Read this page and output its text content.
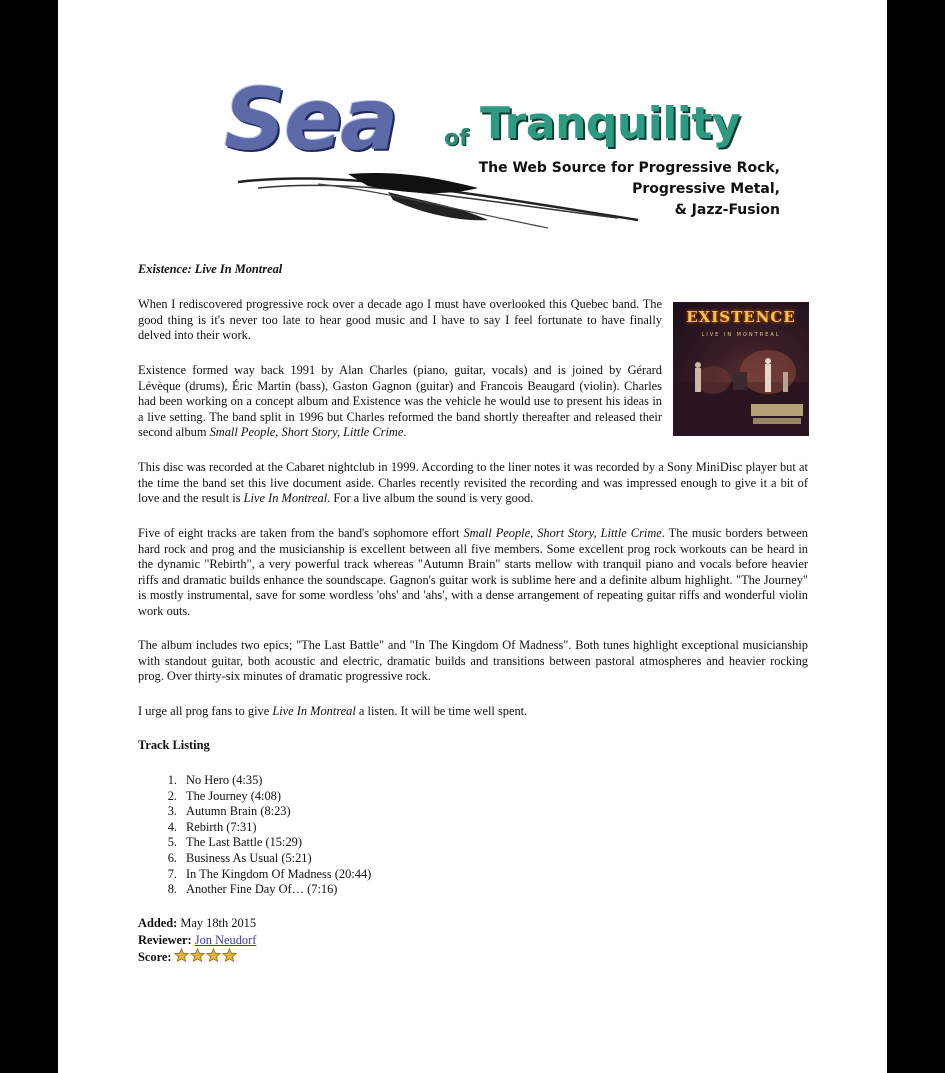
Sea of Tranquility
The Web Source for Progressive Rock,
Progressive Metal,
& Jazz-Fusion
Existence: Live In Montreal

When I rediscovered progressive rock over a decade ago I must have overlooked this Quebec band. The good thing is it's never too late to hear good music and I have to say I feel fortunate to have finally delved into their work.

Existence formed way back 1991 by Alan Charles (piano, guitar, vocals) and is joined by Gérard Lévèque (drums), Éric Martin (bass), Gaston Gagnon (guitar) and Francois Beaugard (violin). Charles had been working on a concept album and Existence was the vehicle he would use to present his ideas in a live setting. The band split in 1996 but Charles reformed the band shortly thereafter and released their second album Small People, Short Story, Little Crime.

EXISTENCE
LIVE IN MONTREAL

This disc was recorded at the Cabaret nightclub in 1999. According to the liner notes it was recorded by a Sony MiniDisc player but at the time the band set this live document aside. Charles recently revisited the recording and was impressed enough to give it a bit of love and the result is Live In Montreal. For a live album the sound is very good.

Five of eight tracks are taken from the band's sophomore effort Small People, Short Story, Little Crime. The music borders between hard rock and prog and the musicianship is excellent between all five members. Some excellent prog rock workouts can be heard in the dynamic "Rebirth", a very powerful track whereas "Autumn Brain" starts mellow with tranquil piano and vocals before heavier riffs and dramatic builds enhance the soundscape. Gagnon's guitar work is sublime here and a definite album highlight. "The Journey" is mostly instrumental, save for some wordless 'ohs' and 'ahs', with a dense arrangement of repeating guitar riffs and wonderful violin work outs.

The album includes two epics; "The Last Battle" and "In The Kingdom Of Madness". Both tunes highlight exceptional musicianship with standout guitar, both acoustic and electric, dramatic builds and transitions between pastoral atmospheres and heavier rocking prog. Over thirty-six minutes of dramatic progressive rock.

I urge all prog fans to give Live In Montreal a listen. It will be time well spent.

Track Listing
1. No Hero (4:35)
2. The Journey (4:08)
3. Autumn Brain (8:23)
4. Rebirth (7:31)
5. The Last Battle (15:29)
6. Business As Usual (5:21)
7. In The Kingdom Of Madness (20:44)
8. Another Fine Day Of… (7:16)
Added: May 18th 2015
Reviewer: Jon Neudorf
Score:
